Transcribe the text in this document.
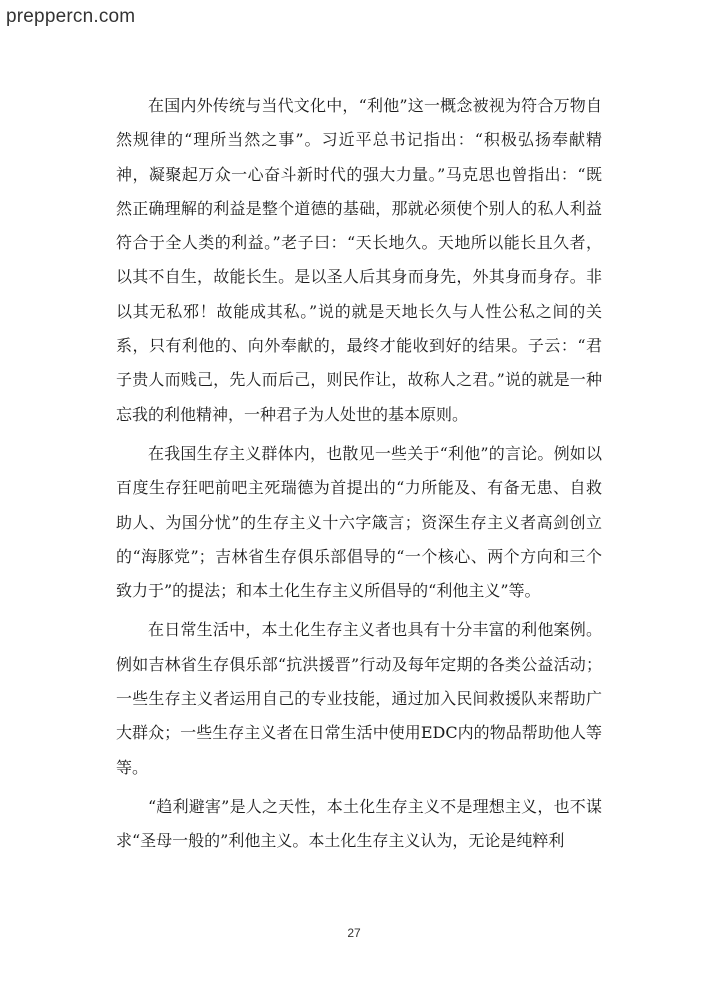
prepperсn.com

在国内外传统与当代文化中，“利他”这一概念被视为符合万物自然规律的“理所当然之事”。习近平总书记指出：“积极弘扬奉献精神，凝聚起万众一心奋斗新时代的强大力量。”马克思也曾指出：“既然正确理解的利益是整个道德的基础，那就必须使个别人的私人利益符合于全人类的利益。”老子曰：“天长地久。天地所以能长且久者，以其不自生，故能长生。是以圣人后其身而身先，外其身而身存。非以其无私邪！故能成其私。”说的就是天地长久与人性公私之间的关系，只有利他的、向外奉献的，最终才能收到好的结果。子云：“君子贵人而贱己，先人而后己，则民作让，故称人之君。”说的就是一种忘我的利他精神，一种君子为人处世的基本原则。

在我国生存主义群体内，也散见一些关于“利他”的言论。例如以百度生存狂吧前吧主死瑞德为首提出的“力所能及、有备无患、自救助人、为国分忧”的生存主义十六字箴言；资深生存主义者高剑创立的“海豚党”；吉林省生存俱乐部倡导的“一个核心、两个方向和三个致力于”的提法；和本土化生存主义所倡导的“利他主义”等。

在日常生活中，本土化生存主义者也具有十分丰富的利他案例。例如吉林省生存俱乐部“抗洪援晋”行动及每年定期的各类公益活动；一些生存主义者运用自己的专业技能，通过加入民间救援队来帮助广大群众；一些生存主义者在日常生活中使用EDC内的物品帮助他人等等。

“趋利避害”是人之天性，本土化生存主义不是理想主义，也不谋求“圣母一般的”利他主义。本土化生存主义认为，无论是纯粹利

27
